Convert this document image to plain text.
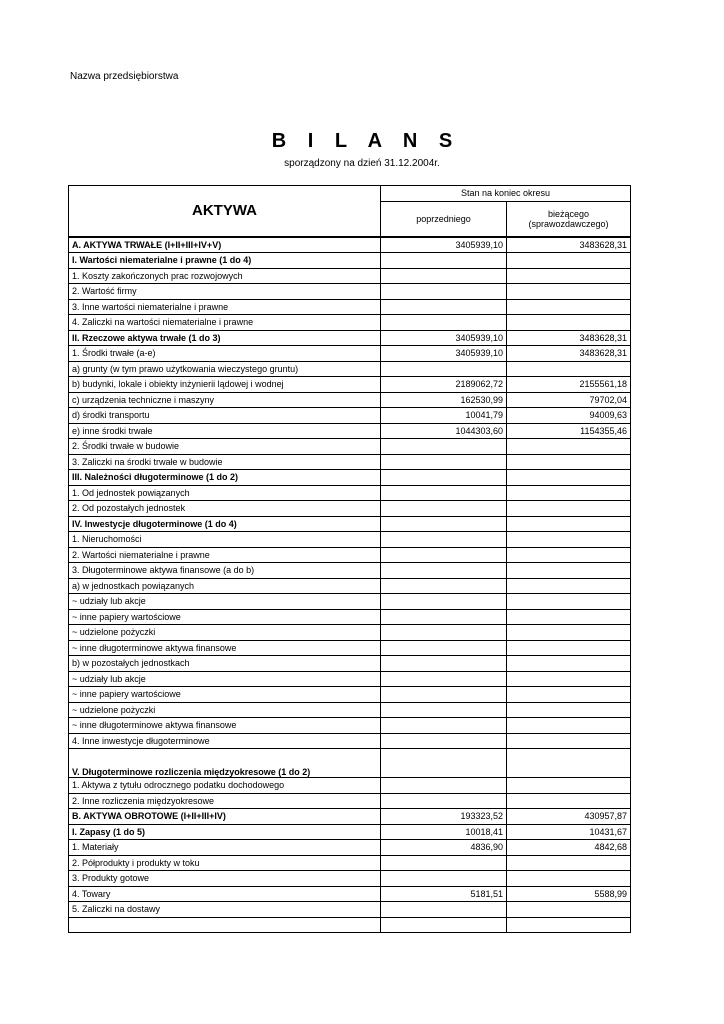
Nazwa przedsiębiorstwa
B I L A N S
sporządzony na dzień 31.12.2004r.
AKTYWA	Stan na koniec okresu	
	poprzedniego	bieżącego
(sprawozdawczego)

A. AKTYWA TRWAŁE (I+II+III+IV+V)	3405939,10	3483628,31
I. Wartości niematerialne i prawne (1 do 4)		
1. Koszty zakończonych prac rozwojowych		
2. Wartość firmy		
3. Inne wartości niematerialne i prawne		
4. Zaliczki na wartości niematerialne i prawne		
II. Rzeczowe aktywa trwałe (1 do 3)	3405939,10	3483628,31
1. Środki trwałe (a-e)	3405939,10	3483628,31
a) grunty (w tym prawo użytkowania wieczystego gruntu)		
b) budynki, lokale i obiekty inżynierii lądowej i wodnej	2189062,72	2155561,18
c) urządzenia techniczne i maszyny	162530,99	79702,04
d) środki transportu	10041,79	94009,63
e) inne środki trwałe	1044303,60	1154355,46
2. Środki trwałe w budowie		
3. Zaliczki na środki trwałe w budowie		
III. Należności długoterminowe (1 do 2)		
1. Od jednostek powiązanych		
2. Od pozostałych jednostek		
IV. Inwestycje długoterminowe (1 do 4)		
1. Nieruchomości		
2. Wartości niematerialne i prawne		
3. Długoterminowe aktywa finansowe (a do b)		
a) w jednostkach powiązanych		
~ udziały lub akcje		
~ inne papiery wartościowe		
~ udzielone pożyczki		
~ inne długoterminowe aktywa finansowe		
b) w pozostałych jednostkach		
~ udziały lub akcje		
~ inne papiery wartościowe		
~ udzielone pożyczki		
~ inne długoterminowe aktywa finansowe		
4. Inne inwestycje długoterminowe		
V. Długoterminowe rozliczenia międzyokresowe (1 do 2)		
1. Aktywa z tytułu odrocznego podatku dochodowego		
2. Inne rozliczenia międzyokresowe		
B. AKTYWA OBROTOWE (I+II+III+IV)	193323,52	430957,87
I. Zapasy (1 do 5)	10018,41	10431,67
1. Materiały	4836,90	4842,68
2. Półprodukty i produkty w toku		
3. Produkty gotowe		
4. Towary	5181,51	5588,99
5. Zaliczki na dostawy		
